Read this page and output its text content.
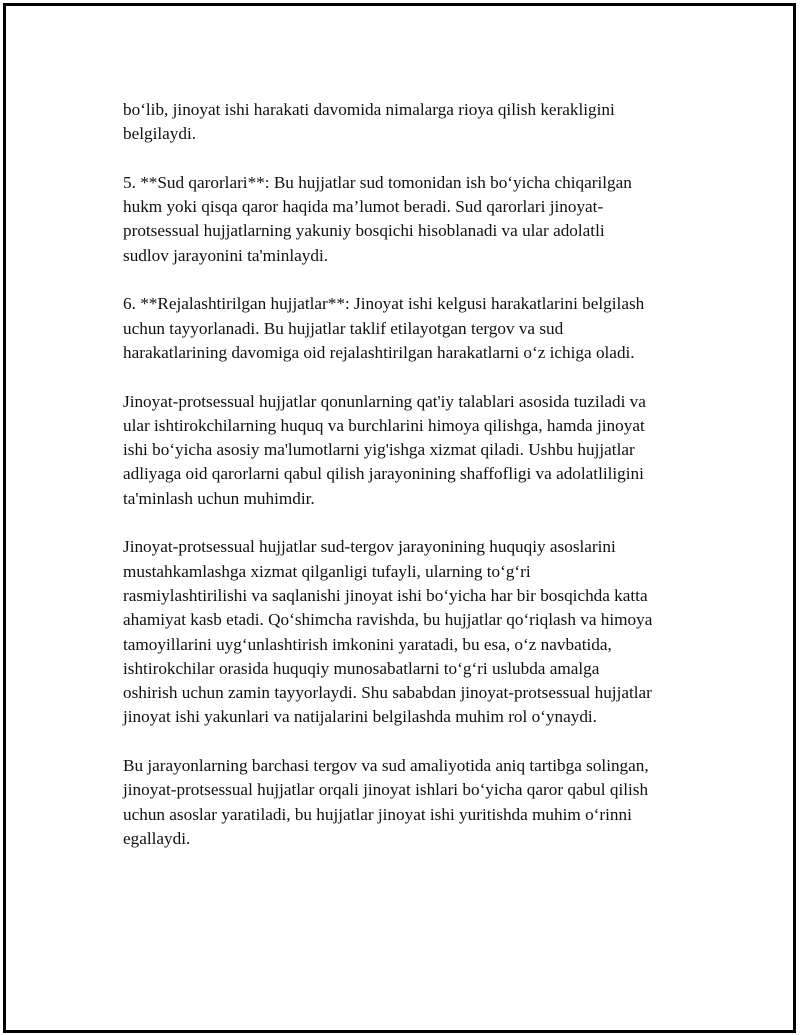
bo‘lib, jinoyat ishi harakati davomida nimalarga rioya qilish kerakligini
belgilaydi.

5. **Sud qarorlari**: Bu hujjatlar sud tomonidan ish bo‘yicha chiqarilgan
hukm yoki qisqa qaror haqida ma’lumot beradi. Sud qarorlari jinoyat-
protsessual hujjatlarning yakuniy bosqichi hisoblanadi va ular adolatli
sudlov jarayonini ta'minlaydi.

6. **Rejalashtirilgan hujjatlar**: Jinoyat ishi kelgusi harakatlarini belgilash
uchun tayyorlanadi. Bu hujjatlar taklif etilayotgan tergov va sud
harakatlarining davomiga oid rejalashtirilgan harakatlarni o‘z ichiga oladi.

Jinoyat-protsessual hujjatlar qonunlarning qat'iy talablari asosida tuziladi va
ular ishtirokchilarning huquq va burchlarini himoya qilishga, hamda jinoyat
ishi bo‘yicha asosiy ma'lumotlarni yig'ishga xizmat qiladi. Ushbu hujjatlar
adliyaga oid qarorlarni qabul qilish jarayonining shaffofligi va adolatliligini
ta'minlash uchun muhimdir.

Jinoyat-protsessual hujjatlar sud-tergov jarayonining huquqiy asoslarini
mustahkamlashga xizmat qilganligi tufayli, ularning to‘g‘ri
rasmiylashtirilishi va saqlanishi jinoyat ishi bo‘yicha har bir bosqichda katta
ahamiyat kasb etadi. Qo‘shimcha ravishda, bu hujjatlar qo‘riqlash va himoya
tamoyillarini uyg‘unlashtirish imkonini yaratadi, bu esa, o‘z navbatida,
ishtirokchilar orasida huquqiy munosabatlarni to‘g‘ri uslubda amalga
oshirish uchun zamin tayyorlaydi. Shu sababdan jinoyat-protsessual hujjatlar
jinoyat ishi yakunlari va natijalarini belgilashda muhim rol o‘ynaydi.

Bu jarayonlarning barchasi tergov va sud amaliyotida aniq tartibga solingan,
jinoyat-protsessual hujjatlar orqali jinoyat ishlari bo‘yicha qaror qabul qilish
uchun asoslar yaratiladi, bu hujjatlar jinoyat ishi yuritishda muhim o‘rinni
egallaydi.
